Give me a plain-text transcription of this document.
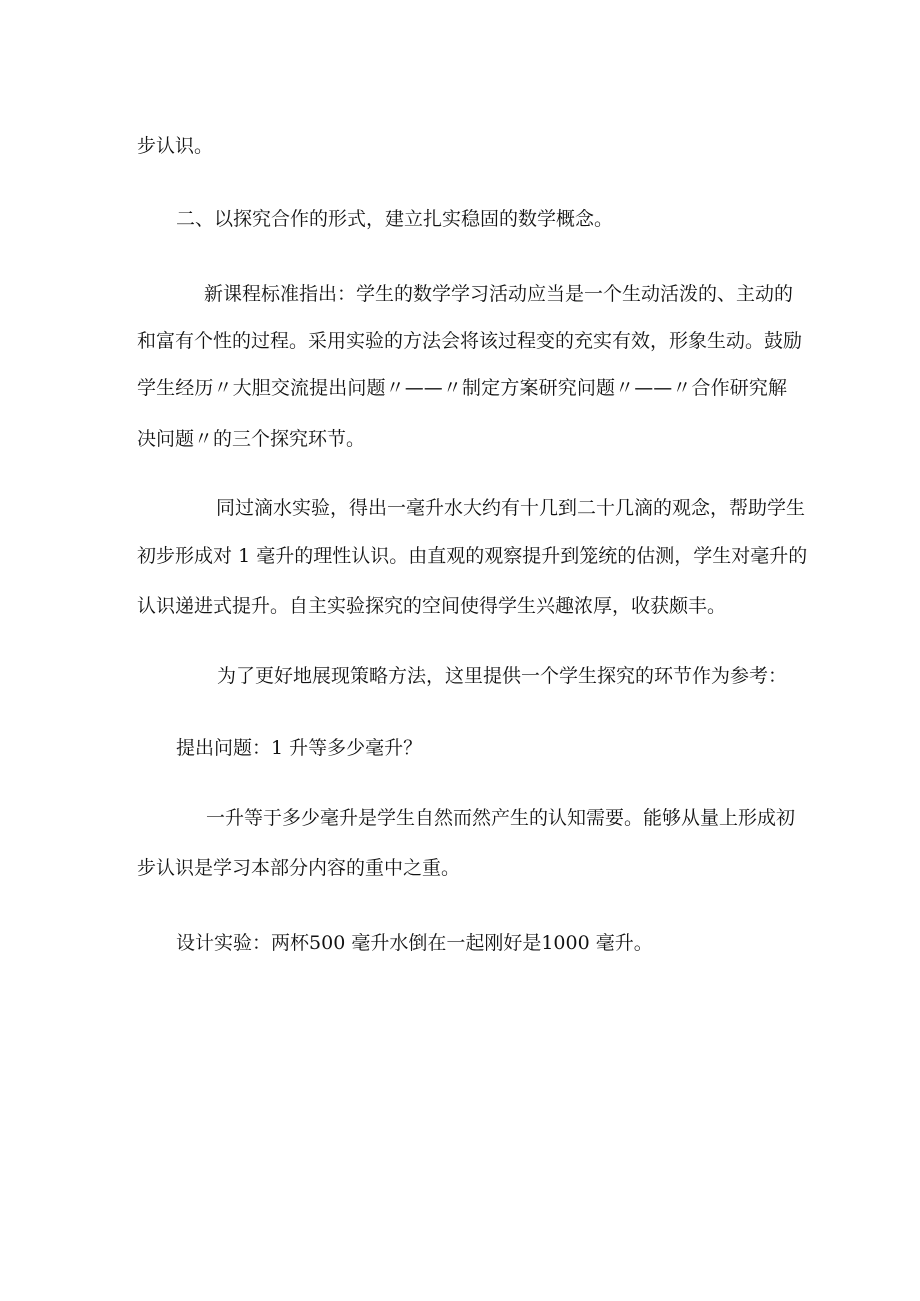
步认识。
二、以探究合作的形式，建立扎实稳固的数学概念。
新课程标准指出：学生的数学学习活动应当是一个生动活泼的、主动的
和富有个性的过程。采用实验的方法会将该过程变的充实有效，形象生动。鼓励
学生经历〃大胆交流提出问题〃——〃制定方案研究问题〃——〃合作研究解
决问题〃的三个探究环节。
同过滴水实验，得出一毫升水大约有十几到二十几滴的观念，帮助学生
初步形成对 1 毫升的理性认识。由直观的观察提升到笼统的估测，学生对毫升的
认识递进式提升。自主实验探究的空间使得学生兴趣浓厚，收获颇丰。
为了更好地展现策略方法，这里提供一个学生探究的环节作为参考：
提出问题：1 升等多少毫升？
一升等于多少毫升是学生自然而然产生的认知需要。能够从量上形成初
步认识是学习本部分内容的重中之重。
设计实验：两杯500 毫升水倒在一起刚好是1000 毫升。
